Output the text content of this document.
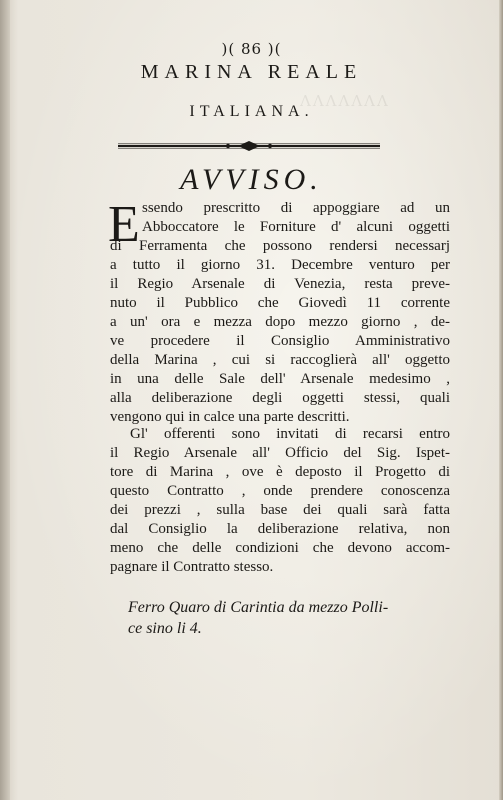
ΛΛΛΛΛΛΛ
)( 86 )(
MARINA REALE
ITALIANA.
AVVISO.
E ssendo prescritto di appoggiare ad un
Abboccatore le Forniture d' alcuni oggetti
di Ferramenta che possono rendersi necessarj
a tutto il giorno 31. Decembre venturo per
il Regio Arsenale di Venezia, resta preve-
nuto il Pubblico che Giovedì 11 corrente
a un' ora e mezza dopo mezzo giorno , de-
ve procedere il Consiglio Amministrativo
della Marina , cui si raccoglierà all' oggetto
in una delle Sale dell' Arsenale medesimo ,
alla deliberazione degli oggetti stessi, quali
vengono qui in calce una parte descritti.
Gl' offerenti sono invitati di recarsi entro
il Regio Arsenale all' Officio del Sig. Ispet-
tore di Marina , ove è deposto il Progetto di
questo Contratto , onde prendere conoscenza
dei prezzi , sulla base dei quali sarà fatta
dal Consiglio la deliberazione relativa, non
meno che delle condizioni che devono accom-
pagnare il Contratto stesso.
Ferro Quaro di Carintia da mezzo Polli-
ce sino li 4.
